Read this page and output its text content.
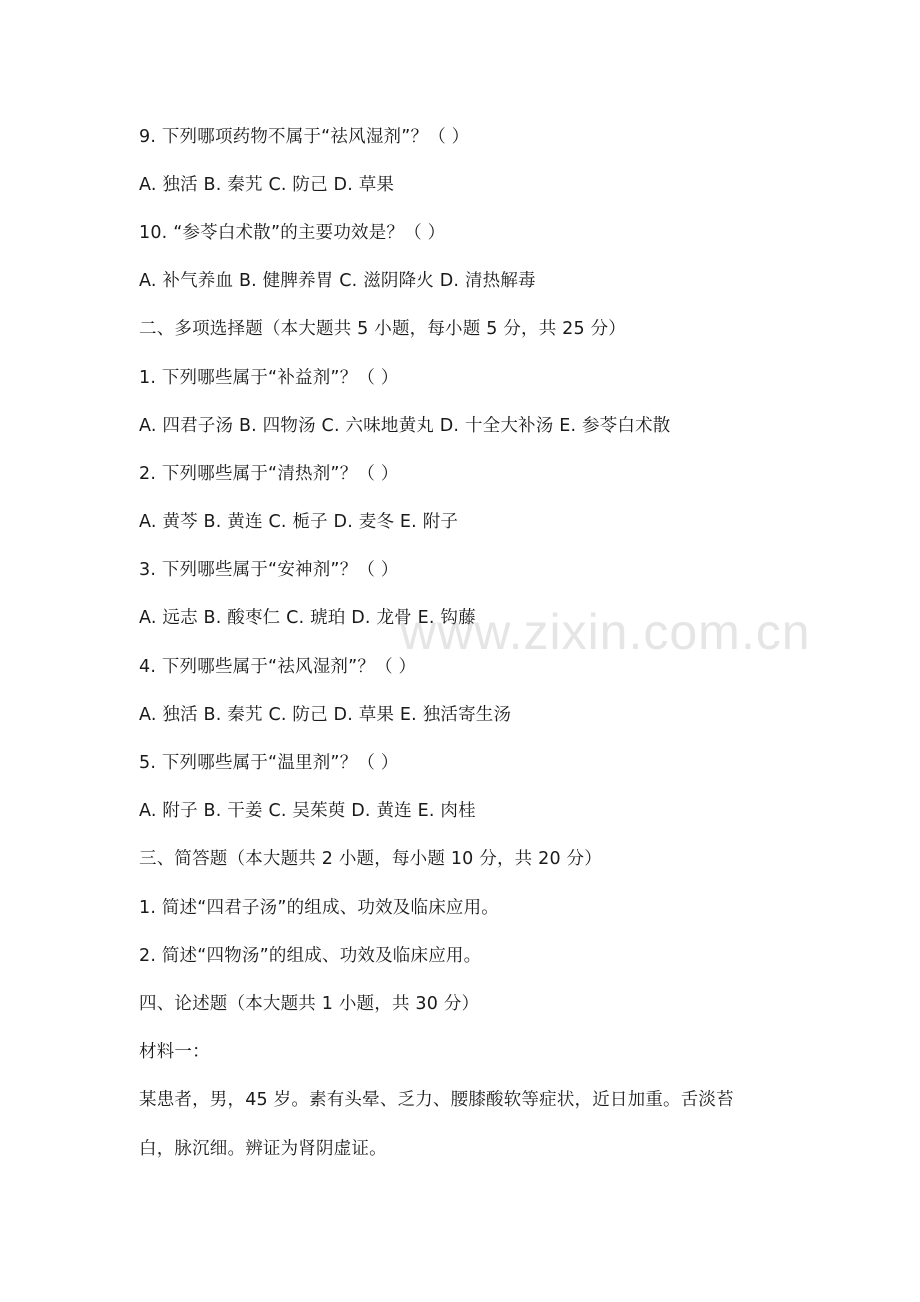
9. 下列哪项药物不属于“祛风湿剂”？（ ）
A. 独活 B. 秦艽 C. 防己 D. 草果
10. “参苓白术散”的主要功效是？（ ）
A. 补气养血 B. 健脾养胃 C. 滋阴降火 D. 清热解毒
二、多项选择题（本大题共 5 小题，每小题 5 分，共 25 分）
1. 下列哪些属于“补益剂”？（ ）
A. 四君子汤 B. 四物汤 C. 六味地黄丸 D. 十全大补汤 E. 参苓白术散
2. 下列哪些属于“清热剂”？（ ）
A. 黄芩 B. 黄连 C. 栀子 D. 麦冬 E. 附子
3. 下列哪些属于“安神剂”？（ ）
A. 远志 B. 酸枣仁 C. 琥珀 D. 龙骨 E. 钩藤
4. 下列哪些属于“祛风湿剂”？（ ）
A. 独活 B. 秦艽 C. 防己 D. 草果 E. 独活寄生汤
5. 下列哪些属于“温里剂”？（ ）
A. 附子 B. 干姜 C. 吴茱萸 D. 黄连 E. 肉桂
三、简答题（本大题共 2 小题，每小题 10 分，共 20 分）
1. 简述“四君子汤”的组成、功效及临床应用。
2. 简述“四物汤”的组成、功效及临床应用。
四、论述题（本大题共 1 小题，共 30 分）
材料一：
某患者，男，45 岁。素有头晕、乏力、腰膝酸软等症状，近日加重。舌淡苔
白，脉沉细。辨证为肾阴虚证。
www.zixin.com.cn
